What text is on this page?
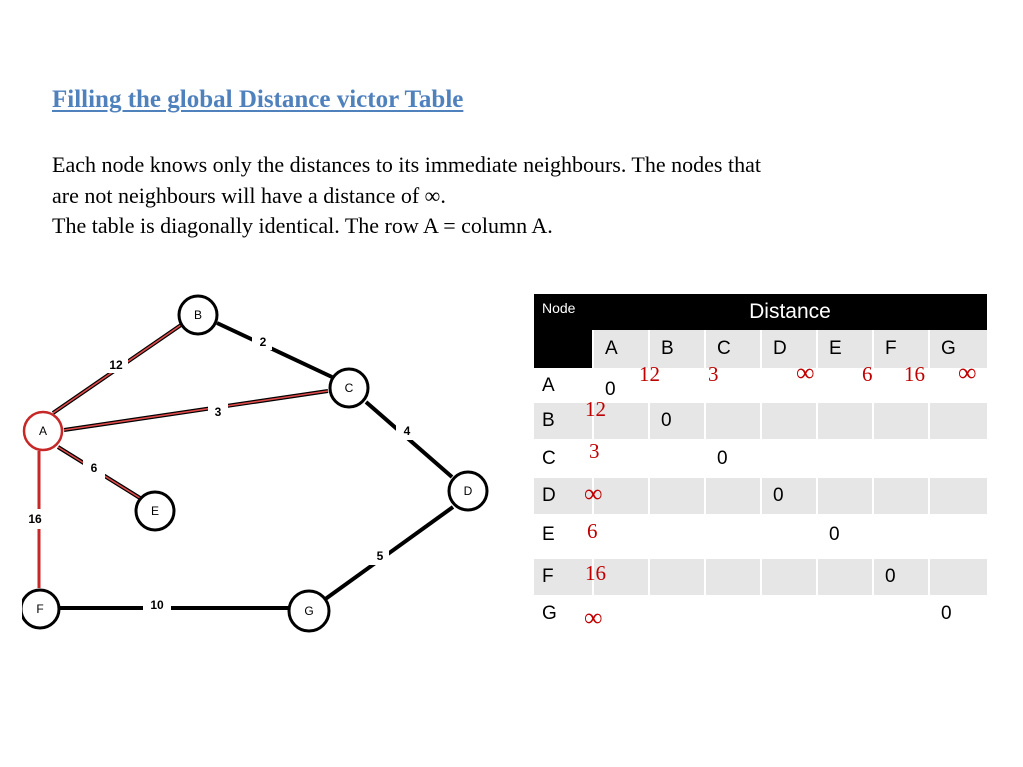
Filling the global Distance victor Table

Each node knows only the distances to its immediate neighbours. The nodes that

are not neighbours will have a distance of ∞.

The table is diagonally identical. The row A = column A.

12
2
3
4
6
16
5
10
A
B
C
D
E
F	G
Node	Distance						
	A	B	C	D	E	F	G
A	0	12	3	∞	6	16	∞

B	12	0					
C	3		0				
D	∞			0			
E	6				0		

F	16					0	
G	∞						0
